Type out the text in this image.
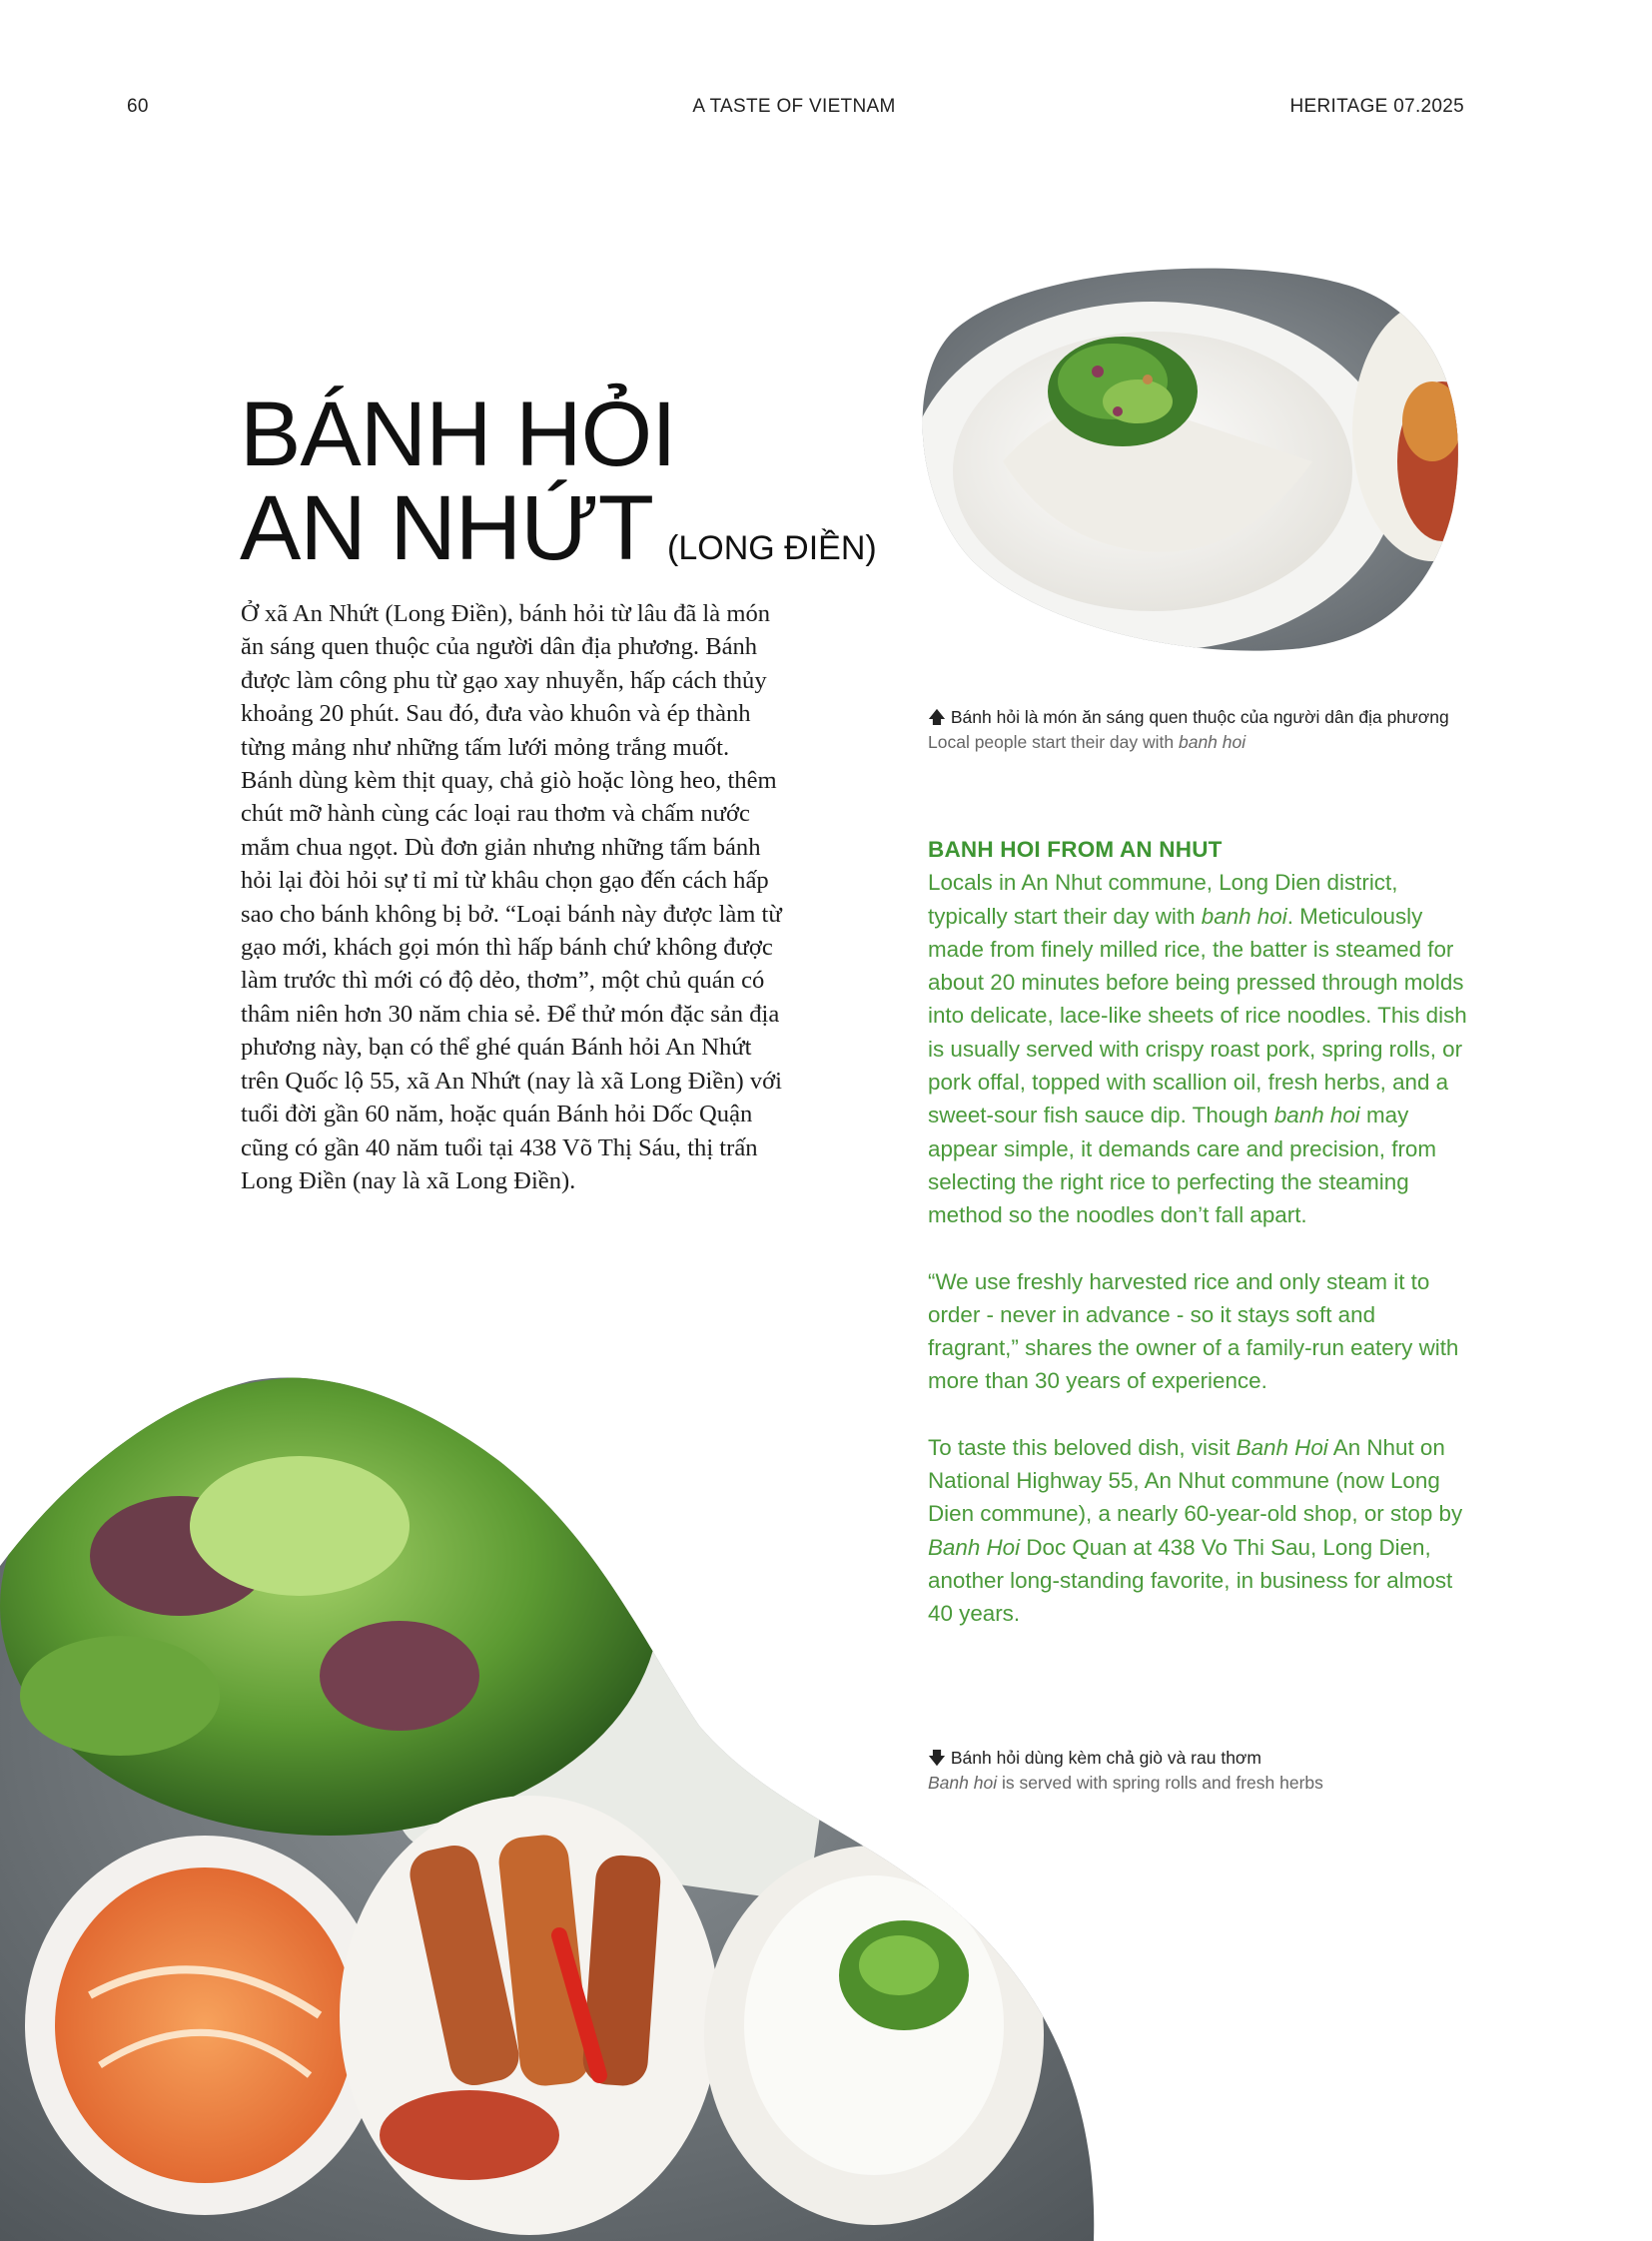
60	A TASTE OF VIETNAM	HERITAGE 07.2025
BÁNH HỎI
AN NHỨT (LONG ĐIỀN)

Ở xã An Nhứt (Long Điền), bánh hỏi từ lâu đã là món ăn sáng quen thuộc của người dân địa phương. Bánh được làm công phu từ gạo xay nhuyễn, hấp cách thủy khoảng 20 phút. Sau đó, đưa vào khuôn và ép thành từng mảng như những tấm lưới mỏng trắng muốt. Bánh dùng kèm thịt quay, chả giò hoặc lòng heo, thêm chút mỡ hành cùng các loại rau thơm và chấm nước mắm chua ngọt. Dù đơn giản nhưng những tấm bánh hỏi lại đòi hỏi sự tỉ mỉ từ khâu chọn gạo đến cách hấp sao cho bánh không bị bở. “Loại bánh này được làm từ gạo mới, khách gọi món thì hấp bánh chứ không được làm trước thì mới có độ dẻo, thơm”, một chủ quán có thâm niên hơn 30 năm chia sẻ. Để thử món đặc sản địa phương này, bạn có thể ghé quán Bánh hỏi An Nhứt trên Quốc lộ 55, xã An Nhứt (nay là xã Long Điền) với tuổi đời gần 60 năm, hoặc quán Bánh hỏi Dốc Quận cũng có gần 40 năm tuổi tại 438 Võ Thị Sáu, thị trấn Long Điền (nay là xã Long Điền).

🡅 Bánh hỏi là món ăn sáng quen thuộc của người dân địa phương
Local people start their day with banh hoi
BANH HOI FROM AN NHUT

Locals in An Nhut commune, Long Dien district, typically start their day with banh hoi. Meticulously made from finely milled rice, the batter is steamed for about 20 minutes before being pressed through molds into delicate, lace-like sheets of rice noodles. This dish is usually served with crispy roast pork, spring rolls, or pork offal, topped with scallion oil, fresh herbs, and a sweet-sour fish sauce dip. Though banh hoi may appear simple, it demands care and precision, from selecting the right rice to perfecting the steaming method so the noodles don’t fall apart.

“We use freshly harvested rice and only steam it to order - never in advance - so it stays soft and fragrant,” shares the owner of a family-run eatery with more than 30 years of experience.

To taste this beloved dish, visit Banh Hoi An Nhut on National Highway 55, An Nhut commune (now Long Dien commune), a nearly 60-year-old shop, or stop by Banh Hoi Doc Quan at 438 Vo Thi Sau, Long Dien, another long-standing favorite, in business for almost 40 years.

🡇 Bánh hỏi dùng kèm chả giò và rau thơm
Banh hoi is served with spring rolls and fresh herbs
